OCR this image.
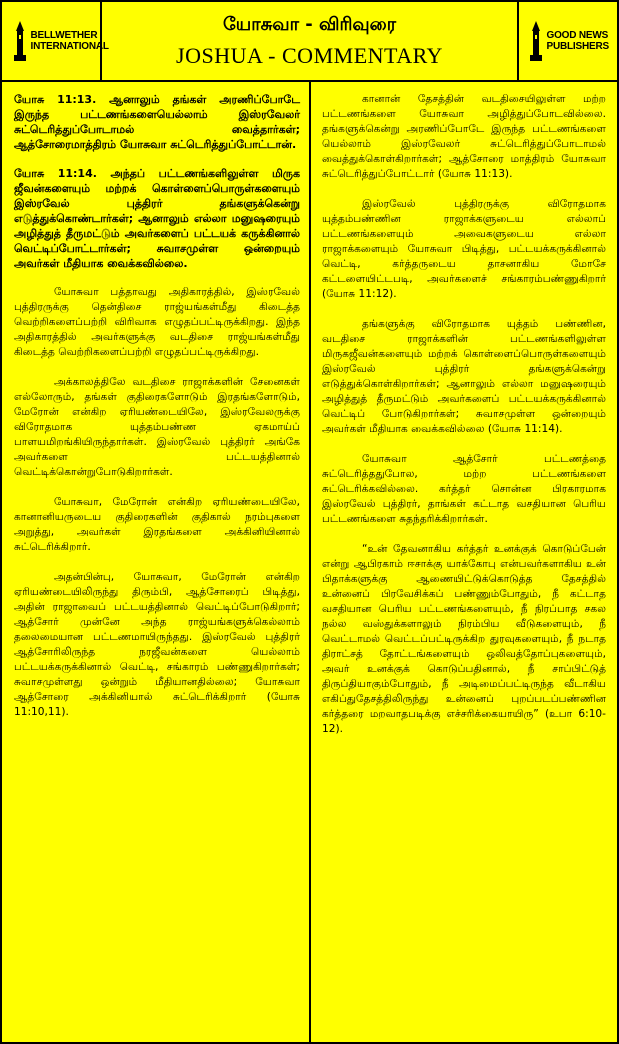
BELLWETHER INTERNATIONAL
யோசுவா - விரிவுரை
JOSHUA - COMMENTARY
GOOD NEWS PUBLISHERS

யோசு 11:13. ஆனாலும் தங்கள் அரணிப்போடே இருந்த பட்டணங்களையெல்லாம் இஸ்ரவேலர் சுட்டெரித்துப்போடாமல் வைத்தார்கள்; ஆத்சோரைமாத்திரம் யோசுவா சுட்டெரித்துப்போட்டான்.

யோசு 11:14. அந்தப் பட்டணங்களிலுள்ள மிருக ஜீவன்களையும் மற்றக் கொள்ளைப்பொருள்களையும் இஸ்ரவேல் புத்திரர் தங்களுக்கென்று எடுத்துக்கொண்டார்கள்; ஆனாலும் எல்லா மனுஷரையும் அழித்துத் தீருமட்டும் அவர்களைப் பட்டயக் கருக்கினால் வெட்டிப்போட்டார்கள்; சுவாசமுள்ள ஒன்றையும் அவர்கள் மீதியாக வைக்கவில்லை.

யோசுவா பத்தாவது அதிகாரத்தில், இஸ்ரவேல் புத்திரருக்கு தென்திசை ராஜ்யங்கள்மீது கிடைத்த வெற்றிகளைப்பற்றி விரிவாக எழுதப்பட்டிருக்கிறது. இந்த அதிகாரத்தில் அவர்களுக்கு வடதிசை ராஜ்யங்கள்மீது கிடைத்த வெற்றிகளைப்பற்றி எழுதப்பட்டிருக்கிறது.

அக்காலத்திலே வடதிசை ராஜாக்களின் சேனைகள் எல்லோரும், தங்கள் குதிரைகளோடும் இரதங்களோடும், மேரோன் என்கிற ஏரியண்டையிலே, இஸ்ரவேலருக்கு விரோதமாக யுத்தம்பண்ண ஏகமாய்ப் பாளயமிறங்கியிருந்தார்கள். இஸ்ரவேல் புத்திரர் அங்கே அவர்களை பட்டயத்தினால் வெட்டிக்கொன்றுபோடுகிறார்கள்.

யோசுவா, மேரோன் என்கிற ஏரியண்டையிலே, கானானியருடைய குதிரைகளின் குதிகால் நரம்புகளை அறுத்து, அவர்கள் இரதங்களை அக்கினியினால் சுட்டெரிக்கிறார்.

அதன்பின்பு, யோசுவா, மேரோன் என்கிற ஏரியண்டையிலிருந்து திரும்பி, ஆத்சோரைப் பிடித்து, அதின் ராஜாவைப் பட்டயத்தினால் வெட்டிப்போடுகிறார்; ஆத்சோர் முன்னே அந்த ராஜ்யங்களுக்கெல்லாம் தலைமையான பட்டணமாயிருந்தது. இஸ்ரவேல் புத்திரர் ஆத்சோரிலிருந்த நரஜீவன்களை யெல்லாம் பட்டயக்கருக்கினால் வெட்டி, சங்காரம் பண்ணுகிறார்கள்; சுவாசமுள்ளது ஒன்றும் மீதியானதில்லை; யோசுவா ஆத்சோரை அக்கினியால் சுட்டெரிக்கிறார் (யோசு 11:10,11).

கானான் தேசத்தின் வடதிசையிலுள்ள மற்ற பட்டணங்களை யோசுவா அழித்துப்போடவில்லை. தங்களுக்கென்று அரணிப்போடே இருந்த பட்டணங்களை யெல்லாம் இஸ்ரவேலர் சுட்டெரித்துப்போடாமல் வைத்துக்கொள்கிறார்கள்; ஆத்சோரை மாத்திரம் யோசுவா சுட்டெரித்துப்போட்டார் (யோசு 11:13).

இஸ்ரவேல் புத்திரருக்கு விரோதமாக யுத்தம்பண்ணின ராஜாக்களுடைய எல்லாப் பட்டணங்களையும் அவைகளுடைய எல்லா ராஜாக்களையும் யோசுவா பிடித்து, பட்டயக்கருக்கினால் வெட்டி, கர்த்தருடைய தாசனாகிய மோசே கட்டளையிட்டபடி, அவர்களைச் சங்காரம்பண்ணுகிறார் (யோசு 11:12).

தங்களுக்கு விரோதமாக யுத்தம் பண்ணின, வடதிசை ராஜாக்களின் பட்டணங்களிலுள்ள மிருகஜீவன்களையும் மற்றக் கொள்ளைப்பொருள்களையும் இஸ்ரவேல் புத்திரர் தங்களுக்கென்று எடுத்துக்கொள்கிறார்கள்; ஆனாலும் எல்லா மனுஷரையும் அழித்துத் தீருமட்டும் அவர்களைப் பட்டயக்கருக்கினால் வெட்டிப் போடுகிறார்கள்; சுவாசமுள்ள ஒன்றையும் அவர்கள் மீதியாக வைக்கவில்லை (யோசு 11:14).

யோசுவா ஆத்சோர் பட்டணத்தை சுட்டெரித்ததுபோல, மற்ற பட்டணங்களை சுட்டெரிக்கவில்லை. கர்த்தர் சொன்ன பிரகாரமாக இஸ்ரவேல் புத்திரர், தாங்கள் கட்டாத வசதியான பெரிய பட்டணங்களை சுதந்தரிக்கிறார்கள்.

“உன் தேவனாகிய கர்த்தர் உனக்குக் கொடுப்பேன் என்று ஆபிரகாம் ஈசாக்கு யாக்கோபு என்பவர்களாகிய உன் பிதாக்களுக்கு ஆணையிட்டுக்கொடுத்த தேசத்தில் உன்னைப் பிரவேசிக்கப் பண்ணும்போதும், நீ கட்டாத வசதியான பெரிய பட்டணங்களையும், நீ நிரப்பாத சகல நல்ல வஸ்துக்களாலும் நிரம்பிய வீடுகளையும், நீ வெட்டாமல் வெட்டப்பட்டிருக்கிற துரவுகளையும், நீ நடாத திராட்சத் தோட்டங்களையும் ஒலிவத்தோப்புகளையும், அவர் உனக்குக் கொடுப்பதினால், நீ சாப்பிட்டுத் திருப்தியாகும்போதும், நீ அடிமைப்பட்டிருந்த வீடாகிய எகிப்துதேசத்திலிருந்து உன்னைப் புறப்படப்பண்ணின கர்த்தரை மறவாதபடிக்கு எச்சரிக்கையாயிரு” (உபா 6:10-12).
